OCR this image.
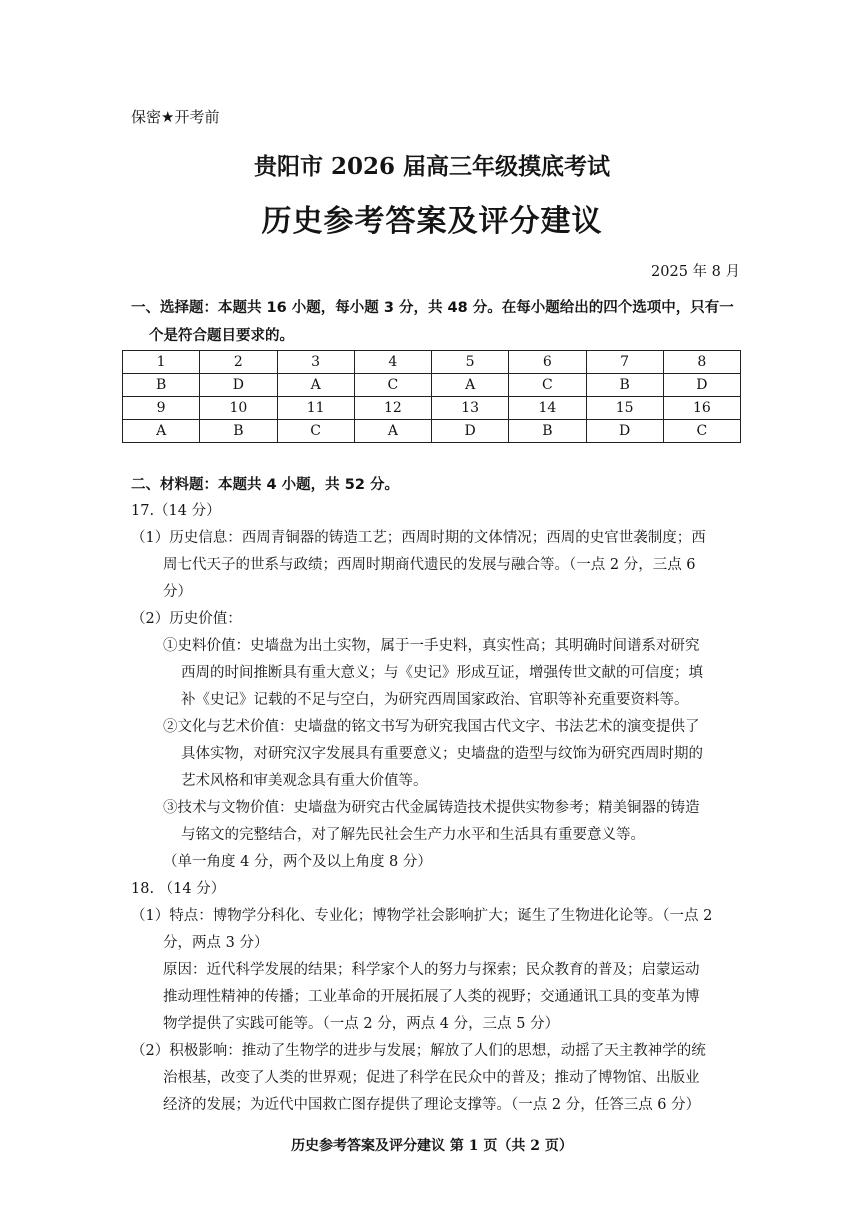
保密★开考前
贵阳市 2026 届高三年级摸底考试
历史参考答案及评分建议
2025 年 8 月
一、选择题：本题共 16 小题，每小题 3 分，共 48 分。在每小题给出的四个选项中，只有一
个是符合题目要求的。
1	2	3	4	5	6	7	8
B	D	A	C	A	C	B	D
9	10	11	12	13	14	15	16
A	B	C	A	D	B	D	C
二、材料题：本题共 4 小题，共 52 分。
17.（14 分）
（1）历史信息：西周青铜器的铸造工艺；西周时期的文体情况；西周的史官世袭制度；西
周七代天子的世系与政绩；西周时期商代遗民的发展与融合等。（一点 2 分，三点 6
分）
（2）历史价值：
①史料价值：史墙盘为出土实物，属于一手史料，真实性高；其明确时间谱系对研究
西周的时间推断具有重大意义；与《史记》形成互证，增强传世文献的可信度；填
补《史记》记载的不足与空白，为研究西周国家政治、官职等补充重要资料等。
②文化与艺术价值：史墙盘的铭文书写为研究我国古代文字、书法艺术的演变提供了
具体实物，对研究汉字发展具有重要意义；史墙盘的造型与纹饰为研究西周时期的
艺术风格和审美观念具有重大价值等。
③技术与文物价值：史墙盘为研究古代金属铸造技术提供实物参考；精美铜器的铸造
与铭文的完整结合，对了解先民社会生产力水平和生活具有重要意义等。
（单一角度 4 分，两个及以上角度 8 分）
18. （14 分）
（1）特点：博物学分科化、专业化；博物学社会影响扩大；诞生了生物进化论等。（一点 2
分，两点 3 分）
原因：近代科学发展的结果；科学家个人的努力与探索；民众教育的普及；启蒙运动
推动理性精神的传播；工业革命的开展拓展了人类的视野；交通通讯工具的变革为博
物学提供了实践可能等。（一点 2 分，两点 4 分，三点 5 分）
（2）积极影响：推动了生物学的进步与发展；解放了人们的思想，动摇了天主教神学的统
治根基，改变了人类的世界观；促进了科学在民众中的普及；推动了博物馆、出版业
经济的发展；为近代中国救亡图存提供了理论支撑等。（一点 2 分，任答三点 6 分）
历史参考答案及评分建议 第 1 页（共 2 页）
